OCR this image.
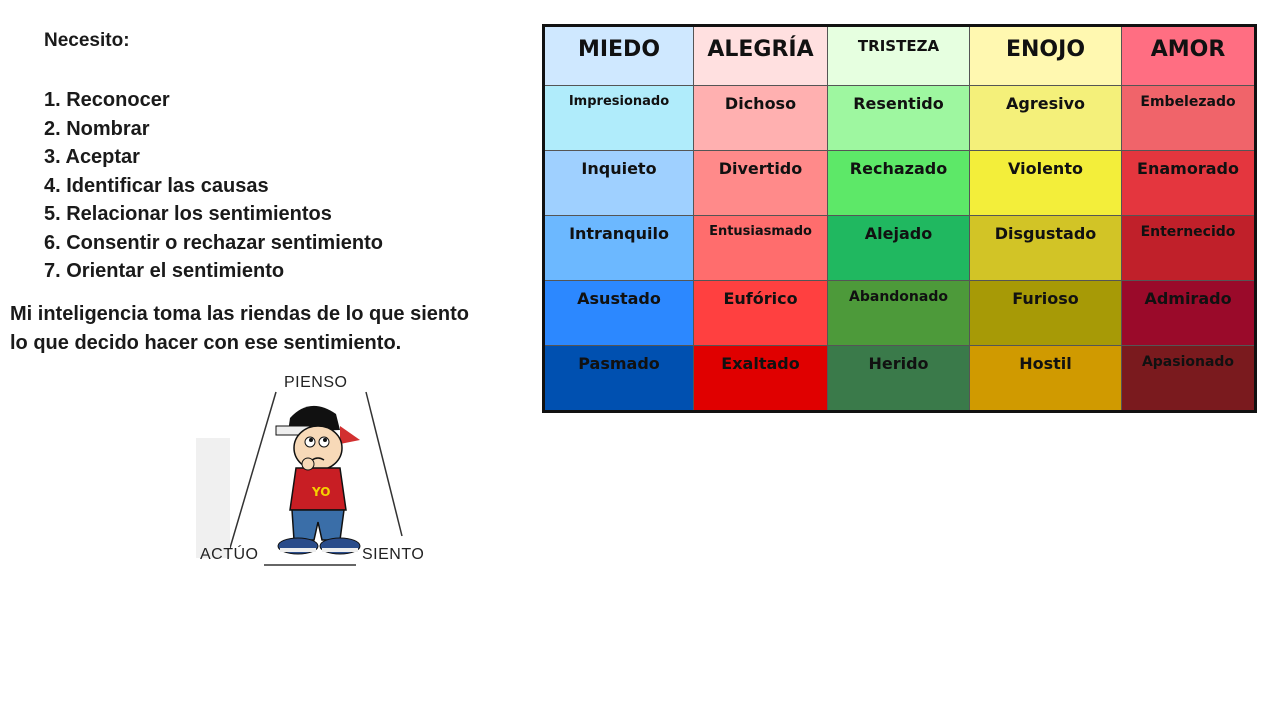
Necesito:
1. Reconocer
2. Nombrar
3. Aceptar
4. Identificar las causas
5. Relacionar los sentimientos
6. Consentir o rechazar sentimiento
7. Orientar el sentimiento
Mi inteligencia toma las riendas de lo que siento
lo que decido hacer con ese sentimiento.
YO
PIENSO
ACTÚO	SIENTO
MIEDO	ALEGRÍA	TRISTEZA	ENOJO	AMOR

Impresionado	Dichoso	Resentido	Agresivo	Embelezado

Inquieto	Divertido	Rechazado	Violento	Enamorado

Intranquilo	Entusiasmado	Alejado	Disgustado	Enternecido

Asustado	Eufórico	Abandonado	Furioso	Admirado

Pasmado	Exaltado	Herido	Hostil	Apasionado
